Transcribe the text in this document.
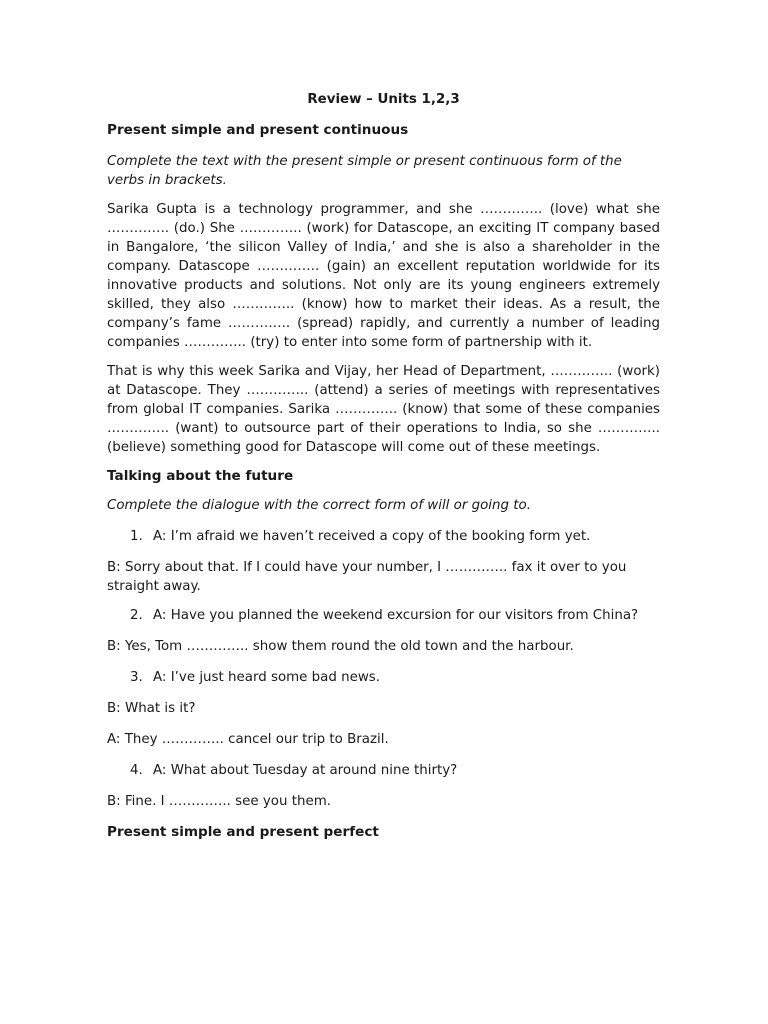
Review – Units 1,2,3
Present simple and present continuous
Complete the text with the present simple or present continuous form of the verbs in brackets.
Sarika Gupta is a technology programmer, and she ………….. (love) what she ………….. (do.) She ………….. (work) for Datascope, an exciting IT company based in Bangalore, ‘the silicon Valley of India,’ and she is also a shareholder in the company. Datascope ………….. (gain) an excellent reputation worldwide for its innovative products and solutions. Not only are its young engineers extremely skilled, they also ………….. (know) how to market their ideas. As a result, the company’s fame ………….. (spread) rapidly, and currently a number of leading companies ………….. (try) to enter into some form of partnership with it.
That is why this week Sarika and Vijay, her Head of Department, ………….. (work) at Datascope. They ………….. (attend) a series of meetings with representatives from global IT companies. Sarika ………….. (know) that some of these companies ………….. (want) to outsource part of their operations to India, so she ………….. (believe) something good for Datascope will come out of these meetings.
Talking about the future
Complete the dialogue with the correct form of will or going to.
1. A: I’m afraid we haven’t received a copy of the booking form yet.
B: Sorry about that. If I could have your number, I ………….. fax it over to you straight away.
2. A: Have you planned the weekend excursion for our visitors from China?
B: Yes, Tom ………….. show them round the old town and the harbour.
3. A: I’ve just heard some bad news.
B: What is it?
A: They ………….. cancel our trip to Brazil.
4. A: What about Tuesday at around nine thirty?
B: Fine. I ………….. see you them.
Present simple and present perfect
